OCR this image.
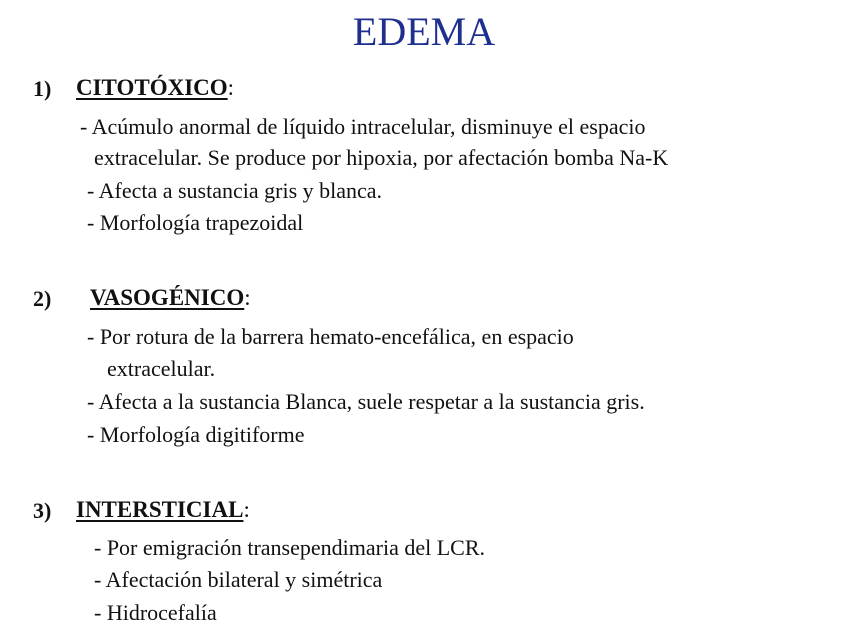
EDEMA
1) CITOTÓXICO:
- Acúmulo anormal de líquido intracelular, disminuye el espacio
extracelular. Se produce por hipoxia, por afectación bomba Na-K
- Afecta a sustancia gris y blanca.
- Morfología trapezoidal
2) VASOGÉNICO:
- Por rotura de la barrera hemato-encefálica, en espacio
extracelular.
- Afecta a la sustancia Blanca, suele respetar a la sustancia gris.
- Morfología digitiforme
3) INTERSTICIAL:
- Por emigración transependimaria del LCR.
- Afectación bilateral y simétrica
- Hidrocefalía
